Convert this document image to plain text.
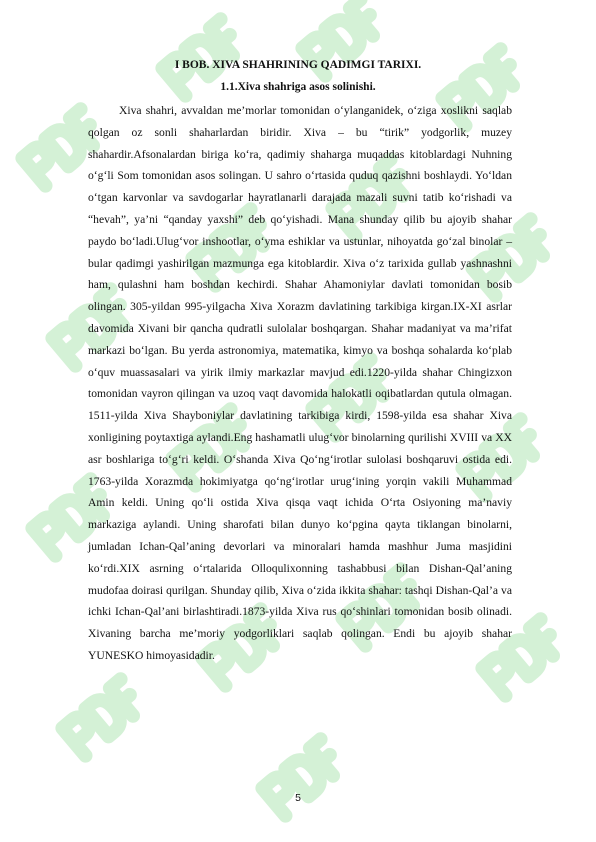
I BOB. XIVA SHAHRINING QADIMGI TARIXI.
1.1.Xiva shahriga asos solinishi.

Xiva shahri, avvaldan me’morlar tomonidan o‘ylanganidek, o‘ziga xoslikni saqlab qolgan oz sonli shaharlardan biridir. Xiva – bu “tirik” yodgorlik, muzey shahardir.Afsonalardan biriga ko‘ra, qadimiy shaharga muqaddas kitoblardagi Nuhning o‘g‘li Som tomonidan asos solingan. U sahro o‘rtasida quduq qazishni boshlaydi. Yo‘ldan o‘tgan karvonlar va savdogarlar hayratlanarli darajada mazali suvni tatib ko‘rishadi va “hevah”, ya’ni “qanday yaxshi” deb qo‘yishadi. Mana shunday qilib bu ajoyib shahar paydo bo‘ladi.Ulug‘vor inshootlar, o‘yma eshiklar va ustunlar, nihoyatda go‘zal binolar – bular qadimgi yashirilgan mazmunga ega kitoblardir. Xiva o‘z tarixida gullab yashnashni ham, qulashni ham boshdan kechirdi. Shahar Ahamoniylar davlati tomonidan bosib olingan. 305-yildan 995-yilgacha Xiva Xorazm davlatining tarkibiga kirgan.IX-XI asrlar davomida Xivani bir qancha qudratli sulolalar boshqargan. Shahar madaniyat va ma’rifat markazi bo‘lgan. Bu yerda astronomiya, matematika, kimyo va boshqa sohalarda ko‘plab o‘quv muassasalari va yirik ilmiy markazlar mavjud edi.1220-yilda shahar Chingizxon tomonidan vayron qilingan va uzoq vaqt davomida halokatli oqibatlardan qutula olmagan. 1511-yilda Xiva Shayboniylar davlatining tarkibiga kirdi, 1598-yilda esa shahar Xiva xonligining poytaxtiga aylandi.Eng hashamatli ulug‘vor binolarning qurilishi XVIII va XX asr boshlariga to‘g‘ri keldi. O‘shanda Xiva Qo‘ng‘irotlar sulolasi boshqaruvi ostida edi. 1763-yilda Xorazmda hokimiyatga qo‘ng‘irotlar urug‘ining yorqin vakili Muhammad Amin keldi. Uning qo‘li ostida Xiva qisqa vaqt ichida O‘rta Osiyoning ma’naviy markaziga aylandi. Uning sharofati bilan dunyo ko‘pgina qayta tiklangan binolarni, jumladan Ichan-Qal’aning devorlari va minoralari hamda mashhur Juma masjidini ko‘rdi.XIX asrning o‘rtalarida Olloqulixonning tashabbusi bilan Dishan-Qal’aning mudofaa doirasi qurilgan. Shunday qilib, Xiva o‘zida ikkita shahar: tashqi Dishan-Qal’a va ichki Ichan-Qal’ani birlashtiradi.1873-yilda Xiva rus qo‘shinlari tomonidan bosib olinadi. Xivaning barcha me’moriy yodgorliklari saqlab qolingan. Endi bu ajoyib shahar YUNESKO himoyasidadir.

5
